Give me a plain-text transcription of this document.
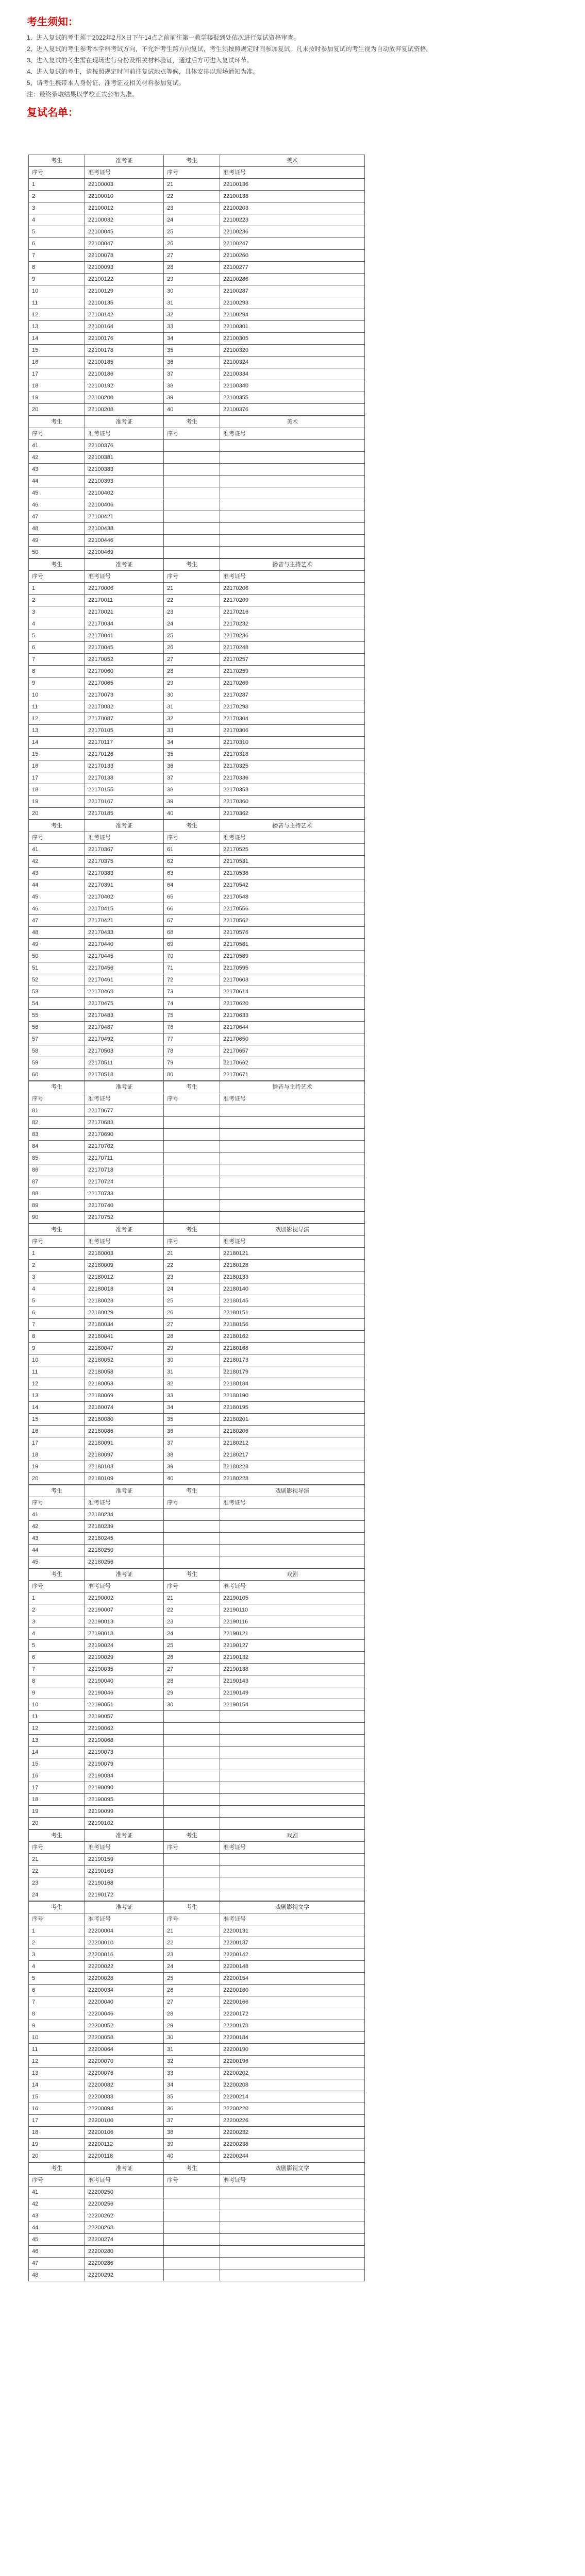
考生须知：

1、进入复试的考生须于2022年2月X日下午14点之前前往第一教学楼报到处依次进行复试资格审查。

2、进入复试的考生参考本学科考试方向，不允许考生跨方向复试，考生须按照规定时间参加复试，凡未按时参加复试的考生视为自动放弃复试资格。

3、进入复试的考生需在现场进行身份及相关材料验证，通过后方可进入复试环节。

4、进入复试的考生，请按照规定时间前往复试地点等候，具体安排以现场通知为准。

5、请考生携带本人身份证、准考证及相关材料参加复试。

注：最终录取结果以学校正式公布为准。

复试名单：
考生	准考证	考生	美术
序号	准考证号	序号	准考证号
1	22100003	21	22100136
2	22100010	22	22100138
3	22100012	23	22100203
4	22100032	24	22100223
5	22100045	25	22100236
6	22100047	26	22100247
7	22100078	27	22100260
8	22100093	28	22100277
9	22100122	29	22100286
10	22100129	30	22100287
11	22100135	31	22100293
12	22100142	32	22100294
13	22100164	33	22100301
14	22100176	34	22100305
15	22100178	35	22100320
16	22100185	36	22100324
17	22100186	37	22100334
18	22100192	38	22100340
19	22100200	39	22100355
20	22100208	40	22100376
考生	准考证	考生	美术
序号	准考证号	序号	准考证号
41	22100376		
42	22100381		
43	22100383		
44	22100393		
45	22100402		
46	22100406		
47	22100421		
48	22100438		
49	22100446		
50	22100469		
考生	准考证	考生	播音与主持艺术
序号	准考证号	序号	准考证号
1	22170006	21	22170206
2	22170011	22	22170209
3	22170021	23	22170216
4	22170034	24	22170232
5	22170041	25	22170236
6	22170045	26	22170248
7	22170052	27	22170257
8	22170060	28	22170259
9	22170065	29	22170269
10	22170073	30	22170287
11	22170082	31	22170298
12	22170087	32	22170304
13	22170105	33	22170306
14	22170117	34	22170310
15	22170126	35	22170318
16	22170133	36	22170325
17	22170138	37	22170336
18	22170155	38	22170353
19	22170167	39	22170360
20	22170185	40	22170362
考生	准考证	考生	播音与主持艺术
序号	准考证号	序号	准考证号
41	22170367	61	22170525
42	22170375	62	22170531
43	22170383	63	22170538
44	22170391	64	22170542
45	22170402	65	22170548
46	22170415	66	22170556
47	22170421	67	22170562
48	22170433	68	22170576
49	22170440	69	22170581
50	22170445	70	22170589
51	22170456	71	22170595
52	22170461	72	22170603
53	22170468	73	22170614
54	22170475	74	22170620
55	22170483	75	22170633
56	22170487	76	22170644
57	22170492	77	22170650
58	22170503	78	22170657
59	22170511	79	22170662
60	22170518	80	22170671
考生	准考证	考生	播音与主持艺术
序号	准考证号	序号	准考证号
81	22170677		
82	22170683		
83	22170690		
84	22170702		
85	22170711		
86	22170718		
87	22170724		
88	22170733		
89	22170740		
90	22170752		
考生	准考证	考生	戏剧影视导演
序号	准考证号	序号	准考证号
1	22180003	21	22180121
2	22180009	22	22180128
3	22180012	23	22180133
4	22180018	24	22180140
5	22180023	25	22180145
6	22180029	26	22180151
7	22180034	27	22180156
8	22180041	28	22180162
9	22180047	29	22180168
10	22180052	30	22180173
11	22180058	31	22180179
12	22180063	32	22180184
13	22180069	33	22180190
14	22180074	34	22180195
15	22180080	35	22180201
16	22180086	36	22180206
17	22180091	37	22180212
18	22180097	38	22180217
19	22180103	39	22180223
20	22180109	40	22180228
考生	准考证	考生	戏剧影视导演
序号	准考证号	序号	准考证号
41	22180234		
42	22180239		
43	22180245		
44	22180250		
45	22180256		
考生	准考证	考生	戏剧
序号	准考证号	序号	准考证号
1	22190002	21	22190105
2	22190007	22	22190110
3	22190013	23	22190116
4	22190018	24	22190121
5	22190024	25	22190127
6	22190029	26	22190132
7	22190035	27	22190138
8	22190040	28	22190143
9	22190046	29	22190149
10	22190051	30	22190154
11	22190057		
12	22190062		
13	22190068		
14	22190073		
15	22190079		
16	22190084		
17	22190090		
18	22190095		
19	22190099		
20	22190102		
考生	准考证	考生	戏剧
序号	准考证号	序号	准考证号
21	22190159		
22	22190163		
23	22190168		
24	22190172		
考生	准考证	考生	戏剧影视文学
序号	准考证号	序号	准考证号
1	22200004	21	22200131
2	22200010	22	22200137
3	22200016	23	22200142
4	22200022	24	22200148
5	22200028	25	22200154
6	22200034	26	22200160
7	22200040	27	22200166
8	22200046	28	22200172
9	22200052	29	22200178
10	22200058	30	22200184
11	22200064	31	22200190
12	22200070	32	22200196
13	22200076	33	22200202
14	22200082	34	22200208
15	22200088	35	22200214
16	22200094	36	22200220
17	22200100	37	22200226
18	22200106	38	22200232
19	22200112	39	22200238
20	22200118	40	22200244
考生	准考证	考生	戏剧影视文学
序号	准考证号	序号	准考证号
41	22200250		
42	22200256		
43	22200262		
44	22200268		
45	22200274		
46	22200280		
47	22200286		
48	22200292		
